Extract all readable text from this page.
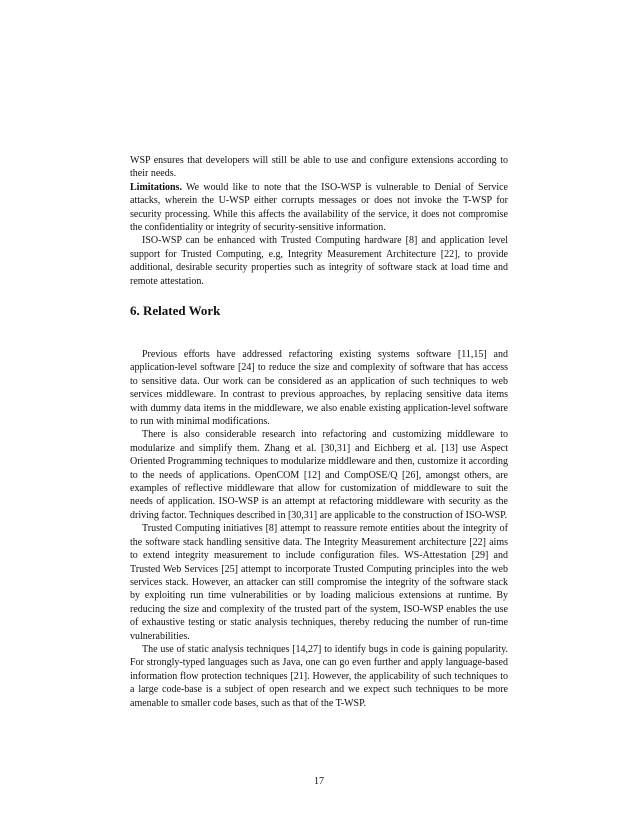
WSP ensures that developers will still be able to use and configure extensions according to their needs.

Limitations. We would like to note that the ISO-WSP is vulnerable to Denial of Service attacks, wherein the U-WSP either corrupts messages or does not invoke the T-WSP for security processing. While this affects the availability of the service, it does not compromise the confidentiality or integrity of security-sensitive information.

ISO-WSP can be enhanced with Trusted Computing hardware [8] and application level support for Trusted Computing, e.g, Integrity Measurement Architecture [22], to provide additional, desirable security properties such as integrity of software stack at load time and remote attestation.

6. Related Work

Previous efforts have addressed refactoring existing systems software [11,15] and application-level software [24] to reduce the size and complexity of software that has access to sensitive data. Our work can be considered as an application of such techniques to web services middleware. In contrast to previous approaches, by replacing sensitive data items with dummy data items in the middleware, we also enable existing application-level software to run with minimal modifications.

There is also considerable research into refactoring and customizing middleware to modularize and simplify them. Zhang et al. [30,31] and Eichberg et al. [13] use Aspect Oriented Programming techniques to modularize middleware and then, customize it according to the needs of applications. OpenCOM [12] and CompOSE/Q [26], amongst others, are examples of reflective middleware that allow for customization of middleware to suit the needs of application. ISO-WSP is an attempt at refactoring middleware with security as the driving factor. Techniques described in [30,31] are applicable to the construction of ISO-WSP.

Trusted Computing initiatives [8] attempt to reassure remote entities about the integrity of the software stack handling sensitive data. The Integrity Measurement architecture [22] aims to extend integrity measurement to include configuration files. WS-Attestation [29] and Trusted Web Services [25] attempt to incorporate Trusted Computing principles into the web services stack. However, an attacker can still compromise the integrity of the software stack by exploiting run time vulnerabilities or by loading malicious extensions at runtime. By reducing the size and complexity of the trusted part of the system, ISO-WSP enables the use of exhaustive testing or static analysis techniques, thereby reducing the number of run-time vulnerabilities.

The use of static analysis techniques [14,27] to identify bugs in code is gaining popularity. For strongly-typed languages such as Java, one can go even further and apply language-based information flow protection techniques [21]. However, the applicability of such techniques to a large code-base is a subject of open research and we expect such techniques to be more amenable to smaller code bases, such as that of the T-WSP.

17
